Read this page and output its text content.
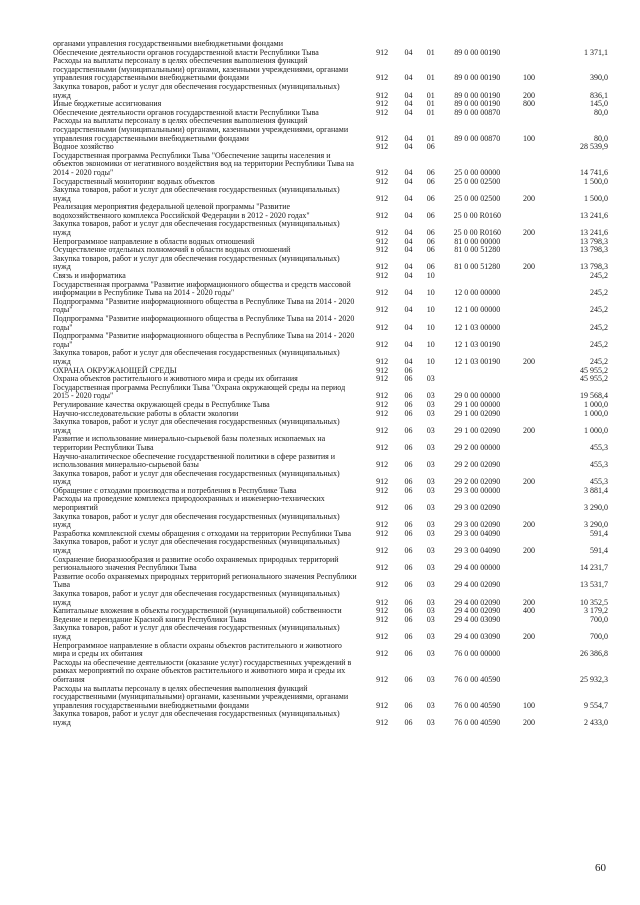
органами управления государственными внебюджетными фондами						
Обеспечение деятельности органов государственной власти Республики Тыва	912	04	01	89 0 00 00190		1 371,1
Расходы на выплаты персоналу в целях обеспечения выполнения функций государственными (муниципальными) органами, казенными учреждениями, органами управления государственными внебюджетными фондами	912	04	01	89 0 00 00190	100	390,0
Закупка товаров, работ и услуг для обеспечения государственных (муниципальных) нужд	912	04	01	89 0 00 00190	200	836,1
Иные бюджетные ассигнования	912	04	01	89 0 00 00190	800	145,0
Обеспечение деятельности органов государственной власти Республики Тыва	912	04	01	89 0 00 00870		80,0
Расходы на выплаты персоналу в целях обеспечения выполнения функций государственными (муниципальными) органами, казенными учреждениями, органами управления государственными внебюджетными фондами	912	04	01	89 0 00 00870	100	80,0
Водное хозяйство	912	04	06			28 539,9
Государственная программа Республики Тыва "Обеспечение защиты населения и объектов экономики от негативного воздействия вод на территории Республики Тыва на 2014 - 2020 годы"	912	04	06	25 0 00 00000		14 741,6
Государственный мониторинг водных объектов	912	04	06	25 0 00 02500		1 500,0
Закупка товаров, работ и услуг для обеспечения государственных (муниципальных) нужд	912	04	06	25 0 00 02500	200	1 500,0
Реализация мероприятия федеральной целевой программы "Развитие водохозяйственного комплекса Российской Федерации в 2012 - 2020 годах"	912	04	06	25 0 00 R0160		13 241,6
Закупка товаров, работ и услуг для обеспечения государственных (муниципальных) нужд	912	04	06	25 0 00 R0160	200	13 241,6
Непрограммное направление в области водных отношений	912	04	06	81 0 00 00000		13 798,3
Осуществление отдельных полномочий в области водных отношений	912	04	06	81 0 00 51280		13 798,3
Закупка товаров, работ и услуг для обеспечения государственных (муниципальных) нужд	912	04	06	81 0 00 51280	200	13 798,3
Связь и информатика	912	04	10			245,2
Государственная программа "Развитие информационного общества и средств массовой информации в Республике Тыва на 2014 - 2020 годы"	912	04	10	12 0 00 00000		245,2
Подпрограмма "Развитие информационного общества в Республике Тыва на 2014 - 2020 годы"	912	04	10	12 1 00 00000		245,2
Подпрограмма "Развитие информационного общества в Республике Тыва на 2014 - 2020 годы"	912	04	10	12 1 03 00000		245,2
Подпрограмма "Развитие информационного общества в Республике Тыва на 2014 - 2020 годы"	912	04	10	12 1 03 00190		245,2
Закупка товаров, работ и услуг для обеспечения государственных (муниципальных) нужд	912	04	10	12 1 03 00190	200	245,2
ОХРАНА ОКРУЖАЮЩЕЙ СРЕДЫ	912	06				45 955,2
Охрана объектов растительного и животного мира и среды их обитания	912	06	03			45 955,2
Государственная программа Республики Тыва "Охрана окружающей среды на период 2015 - 2020 годы"	912	06	03	29 0 00 00000		19 568,4
Регулирование качества окружающей среды в Республике Тыва	912	06	03	29 1 00 00000		1 000,0
Научно-исследовательские работы в области экологии	912	06	03	29 1 00 02090		1 000,0
Закупка товаров, работ и услуг для обеспечения государственных (муниципальных) нужд	912	06	03	29 1 00 02090	200	1 000,0
Развитие и использование минерально-сырьевой базы полезных ископаемых на территории Республики Тыва	912	06	03	29 2 00 00000		455,3
Научно-аналитическое обеспечение государственной политики в сфере развития и использования минерально-сырьевой базы	912	06	03	29 2 00 02090		455,3
Закупка товаров, работ и услуг для обеспечения государственных (муниципальных) нужд	912	06	03	29 2 00 02090	200	455,3
Обращение с отходами производства и потребления в Республике Тыва	912	06	03	29 3 00 00000		3 881,4
Расходы на проведение комплекса природоохранных и инженерно-технических мероприятий	912	06	03	29 3 00 02090		3 290,0
Закупка товаров, работ и услуг для обеспечения государственных (муниципальных) нужд	912	06	03	29 3 00 02090	200	3 290,0
Разработка комплексной схемы обращения с отходами на территории Республики Тыва	912	06	03	29 3 00 04090		591,4
Закупка товаров, работ и услуг для обеспечения государственных (муниципальных) нужд	912	06	03	29 3 00 04090	200	591,4
Сохранение биоразнообразия и развитие особо охраняемых природных территорий регионального значения Республики Тыва	912	06	03	29 4 00 00000		14 231,7
Развитие особо охраняемых природных территорий регионального значения Республики Тыва	912	06	03	29 4 00 02090		13 531,7
Закупка товаров, работ и услуг для обеспечения государственных (муниципальных) нужд	912	06	03	29 4 00 02090	200	10 352,5
Капитальные вложения в объекты государственной (муниципальной) собственности	912	06	03	29 4 00 02090	400	3 179,2
Ведение и переиздание Красной книги Республики Тыва	912	06	03	29 4 00 03090		700,0
Закупка товаров, работ и услуг для обеспечения государственных (муниципальных) нужд	912	06	03	29 4 00 03090	200	700,0
Непрограммное направление в области охраны объектов растительного и животного мира и среды их обитания	912	06	03	76 0 00 00000		26 386,8
Расходы на обеспечение деятельности (оказание услуг) государственных учреждений в рамках мероприятий по охране объектов растительного и животного мира и среды их обитания	912	06	03	76 0 00 40590		25 932,3
Расходы на выплаты персоналу в целях обеспечения выполнения функций государственными (муниципальными) органами, казенными учреждениями, органами управления государственными внебюджетными фондами	912	06	03	76 0 00 40590	100	9 554,7
Закупка товаров, работ и услуг для обеспечения государственных (муниципальных) нужд	912	06	03	76 0 00 40590	200	2 433,0
60
